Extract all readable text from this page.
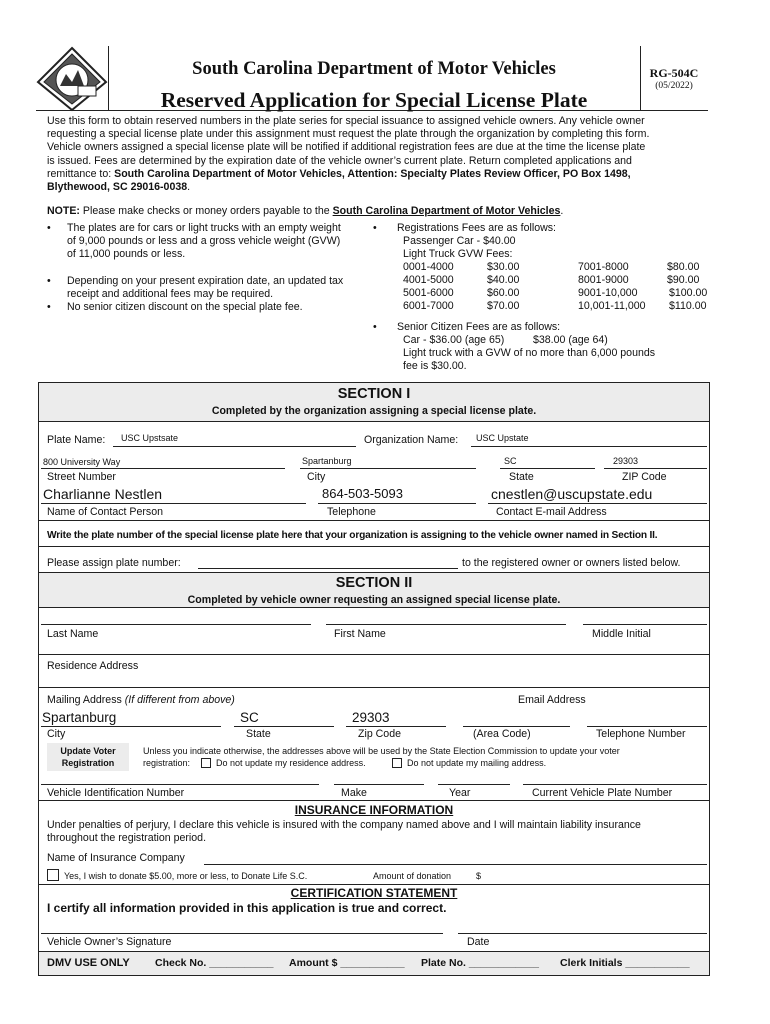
South Carolina Department of Motor Vehicles
Reserved Application for Special License Plate
RG-504C
(05/2022)

Use this form to obtain reserved numbers in the plate series for special issuance to assigned vehicle owners. Any vehicle owner

requesting a special license plate under this assignment must request the plate through the organization by completing this form.

Vehicle owners assigned a special license plate will be notified if additional registration fees are due at the time the license plate

is issued. Fees are determined by the expiration date of the vehicle owner’s current plate. Return completed applications and

remittance to: South Carolina Department of Motor Vehicles, Attention: Specialty Plates Review Officer, PO Box 1498,

Blythewood, SC 29016-0038.

NOTE: Please make checks or money orders payable to the South Carolina Department of Motor Vehicles.
• The plates are for cars or light trucks with an empty weight
of 9,000 pounds or less and a gross vehicle weight (GVW)
of 11,000 pounds or less.
• Depending on your present expiration date, an updated tax
receipt and additional fees may be required.
• No senior citizen discount on the special plate fee.
• Registrations Fees are as follows:
Passenger Car - $40.00
Light Truck GVW Fees:
0001-4000	$30.00	7001-8000	$80.00
4001-5000	$40.00	8001-9000	$90.00
5001-6000	$60.00	9001-10,000	$100.00
6001-7000	$70.00	10,001-11,000 $110.00
• Senior Citizen Fees are as follows:
Car - $36.00 (age 65)	$38.00 (age 64)
Light truck with a GVW of no more than 6,000 pounds
fee is $30.00.
SECTION I
Completed by the organization assigning a special license plate.
Plate Name: USC Upstsate	Organization Name: USC Upstate
800 University Way	Spartanburg	SC	29303
Street Number	City	State	ZIP Code
Charlianne Nestlen	864-503-5093	cnestlen@uscupstate.edu
Name of Contact Person	Telephone	Contact E-mail Address
Write the plate number of the special license plate here that your organization is assigning to the vehicle owner named in Section II.
Please assign plate number:	to the registered owner or owners listed below.
SECTION II
Completed by vehicle owner requesting an assigned special license plate.
Last Name	First Name	Middle Initial
Residence Address
Mailing Address (If different from above)	Email Address
Spartanburg	SC	29303
City	State	Zip Code	(Area Code)	Telephone Number
Update Voter
Registration
Unless you indicate otherwise, the addresses above will be used by the State Election Commission to update your voter
registration:	Do not update my residence address.	Do not update my mailing address.
Vehicle Identification Number	Make	Year	Current Vehicle Plate Number
INSURANCE INFORMATION
Under penalties of perjury, I declare this vehicle is insured with the company named above and I will maintain liability insurance
throughout the registration period.
Name of Insurance Company
Yes, I wish to donate $5.00, more or less, to Donate Life S.C.	Amount of donation	$
CERTIFICATION STATEMENT
I certify all information provided in this application is true and correct.
Vehicle Owner’s Signature	Date
DMV USE ONLY Check No. ___________ Amount $ ___________ Plate No. ____________ Clerk Initials ___________
